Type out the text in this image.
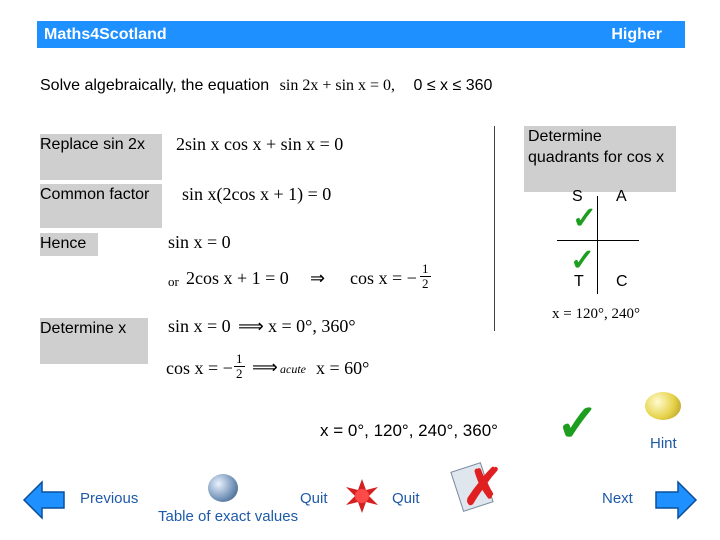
Maths4Scotland	Higher
Solve algebraically, the equation sin 2x + sin x = 0, 0 ≤ x ≤ 360
Replace sin 2x
Common factor
Hence
Determine x
2sin x cos x + sin x = 0
sin x(2cos x + 1) = 0
sin x = 0
or 2cos x + 1 = 0 ⇒ cos x = − $\frac{1}{2}$
sin x = 0 ⟹ x = 0°, 360°
cos x = − $\frac{1}{2}$ ⟹ acute x = 60°
Determine quadrants for cos x
S A
T C
✓
✓
x = 120°, 240°
x = 0°, 120°, 240°, 360° ✓	Hint
Previous	Quit
Table of exact values
Quit ✗	Next
